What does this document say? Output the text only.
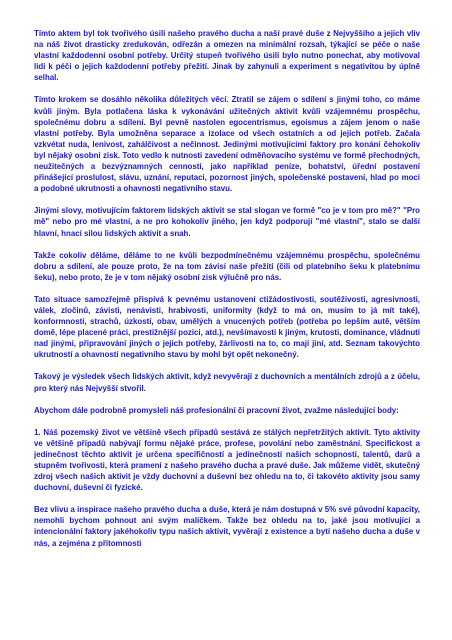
Tímto aktem byl tok tvořivého úsilí našeho pravého ducha a naší pravé duše z Nejvyššího a jejich vliv na náš život drasticky zredukován, odřezán a omezen na minimální rozsah, týkající se péče o naše vlastní každodenní osobní potřeby. Určitý stupeň tvořivého úsilí bylo nutno ponechat, aby motivoval lidi k péči o jejich každodenní potřeby přežití. Jinak by zahynuli a experiment s negativitou by úplně selhal.

Tímto krokem se dosáhlo několika důležitých věcí. Ztratil se zájem o sdílení s jinými toho, co máme kvůli jiným. Byla potlačena láska k vykonávání užitečných aktivit kvůli vzájemnému prospěchu, společnému dobru a sdílení. Byl pevně nastolen egocentrismus, egoismus a zájem jenom o naše vlastní potřeby. Byla umožněna separace a izolace od všech ostatních a od jejich potřeb. Začala vzkvétat nuda, lenivost, zahálčivost a nečinnost. Jedinými motivujícími faktory pro konání čehokoliv byl nějaký osobní zisk. Toto vedlo k nutnosti zavedení odměňovacího systému ve formě přechodných, neužitečných a bezvýznamných cenností, jako například peníze, bohatství, úřední postavení přinášející proslulost, slávu, uznání, reputaci, pozornost jiných, společenské postavení, hlad po moci a podobné ukrutnosti a ohavnosti negativního stavu.

Jinými slovy, motivujícím faktorem lidských aktivit se stal slogan ve formě "co je v tom pro mě?" "Pro mě" nebo pro mé vlastní, a ne pro kohokoliv jiného, jen když podporují "mé vlastní", stalo se další hlavní, hnací silou lidských aktivit a snah.

Takže cokoliv děláme, děláme to ne kvůli bezpodmínečnému vzájemnému prospěchu, společnému dobru a sdílení, ale pouze proto, že na tom závisí naše přežití (čili od platebního šeku k platebnímu šeku), nebo proto, že je v tom nějaký osobní zisk výlučně pro nás.

Tato situace samozřejmě přispívá k pevnému ustanovení ctižádostivosti, soutěživosti, agresivnosti, válek, zločinů, závisti, nenávisti, hrabivosti, uniformity (když to má on, musím to já mít také), konformnosti, strachů, úzkostí, obav, umělých a vnucených potřeb (potřeba po lepším autě, větším domě, lépe placené práci, prestižnější pozici, atd.), nevšímavosti k jiným, krutosti, dominance, vládnutí nad jinými, připravování jiných o jejich potřeby, žárlivosti na to, co mají jiní, atd. Seznam takovýchto ukrutností a ohavností negativního stavu by mohl být opět nekonečný.

Takový je výsledek všech lidských aktivit, když nevyvěrají z duchovních a mentálních zdrojů a z účelu, pro který nás Nejvyšší stvořil.

Abychom dále podrobně promysleli náš profesionální či pracovní život, zvažme následující body:

1. Náš pozemský život ve většině všech případů sestává ze stálých nepřetržitých aktivit. Tyto aktivity ve většině případů nabývají formu nějaké práce, profese, povolání nebo zaměstnání. Specifickost a jedinečnost těchto aktivit je určena specifičností a jedinečností našich schopností, talentů, darů a stupněm tvořivosti, která pramení z našeho pravého ducha a pravé duše. Jak můžeme vidět, skutečný zdroj všech našich aktivit je vždy duchovní a duševní bez ohledu na to, či takovéto aktivity jsou samy duchovní, duševní či fyzické.

Bez vlivu a inspirace našeho pravého ducha a duše, která je nám dostupná v 5% své původní kapacity, nemohli bychom pohnout ani svým malíčkem. Takže bez ohledu na to, jaké jsou motivující a intencionální faktory jakéhokoliv typu našich aktivit, vyvěrají z existence a bytí našeho ducha a duše v nás, a zejména z přítomnosti
